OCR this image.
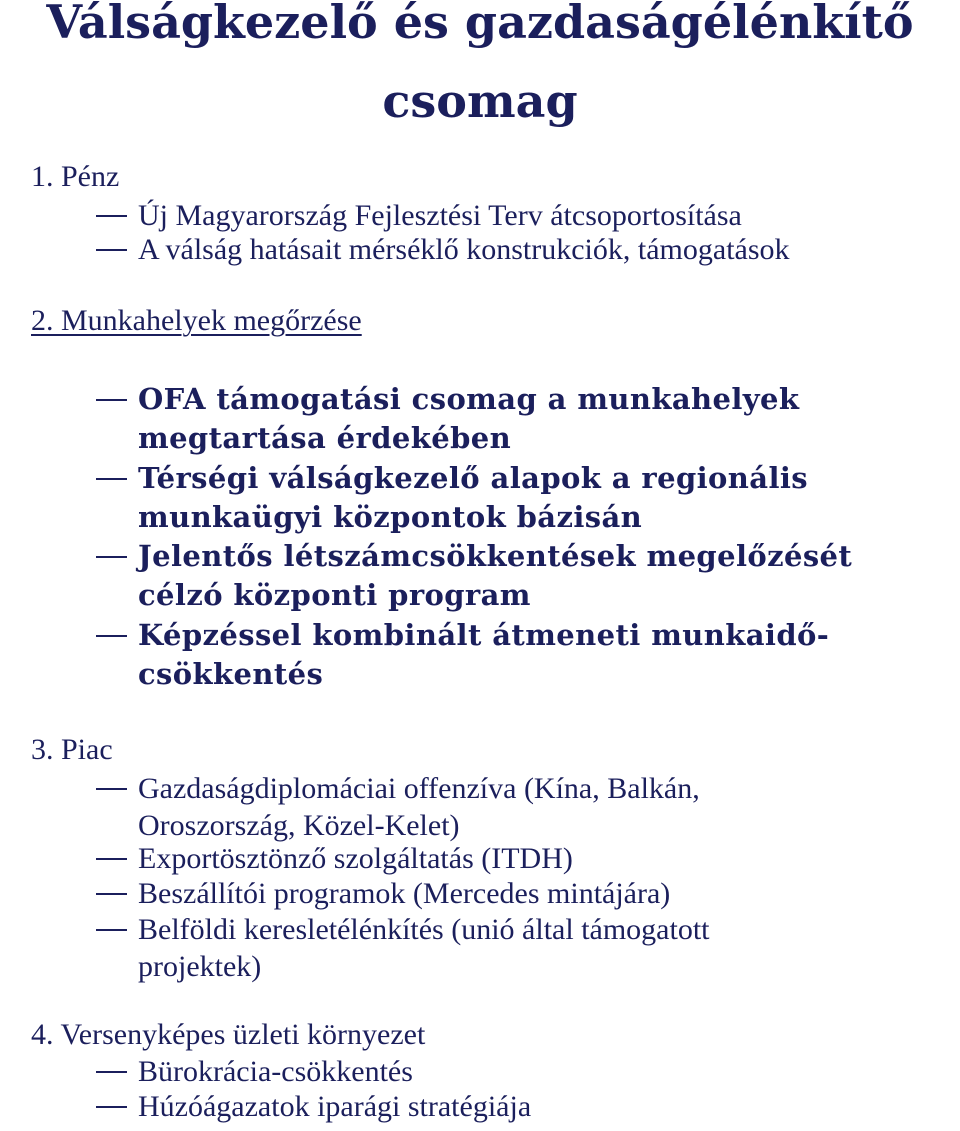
Válságkezelő és gazdaságélénkítő
csomag
1. Pénz
Új Magyarország Fejlesztési Terv átcsoportosítása
A válság hatásait mérséklő konstrukciók, támogatások
2. Munkahelyek megőrzése
OFA támogatási csomag a munkahelyek
megtartása érdekében
Térségi válságkezelő alapok a regionális
munkaügyi központok bázisán
Jelentős létszámcsökkentések megelőzését
célzó központi program
Képzéssel kombinált átmeneti munkaidő-
csökkentés
3. Piac
Gazdaságdiplomáciai offenzíva (Kína, Balkán,
Oroszország, Közel-Kelet)
Exportösztönző szolgáltatás (ITDH)
Beszállítói programok (Mercedes mintájára)
Belföldi keresletélénkítés (unió által támogatott
projektek)
4. Versenyképes üzleti környezet
Bürokrácia-csökkentés
Húzóágazatok iparági stratégiája
